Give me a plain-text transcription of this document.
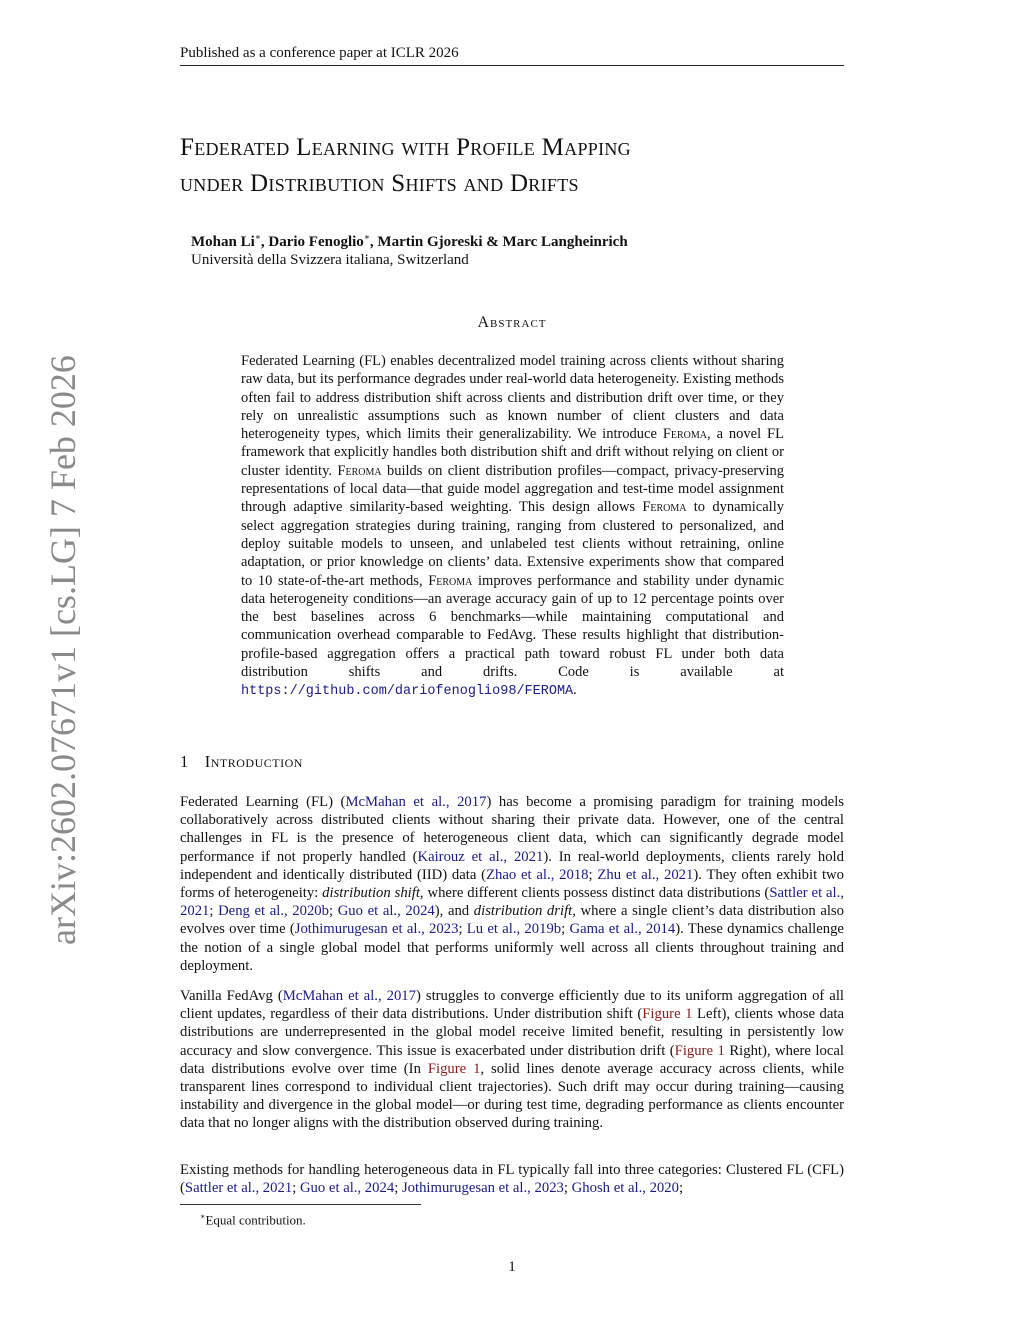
Published as a conference paper at ICLR 2026
arXiv:2602.07671v1 [cs.LG] 7 Feb 2026
Federated Learning with Profile Mapping
under Distribution Shifts and Drifts
Mohan Li∗, Dario Fenoglio∗, Martin Gjoreski & Marc Langheinrich
Università della Svizzera italiana, Switzerland
Abstract

Federated Learning (FL) enables decentralized model training across clients without sharing raw data, but its performance degrades under real-world data heterogeneity. Existing methods often fail to address distribution shift across clients and distribution drift over time, or they rely on unrealistic assumptions such as known number of client clusters and data heterogeneity types, which limits their generalizability. We introduce Feroma, a novel FL framework that explicitly handles both distribution shift and drift without relying on client or cluster identity. Feroma builds on client distribution profiles—compact, privacy-preserving representations of local data—that guide model aggregation and test-time model assignment through adaptive similarity-based weighting. This design allows Feroma to dynamically select aggregation strategies during training, ranging from clustered to personalized, and deploy suitable models to unseen, and unlabeled test clients without retraining, online adaptation, or prior knowledge on clients’ data. Extensive experiments show that compared to 10 state-of-the-art methods, Feroma improves performance and stability under dynamic data heterogeneity conditions—an average accuracy gain of up to 12 percentage points over the best baselines across 6 benchmarks—while maintaining computational and communication overhead comparable to FedAvg. These results highlight that distribution-profile-based aggregation offers a practical path toward robust FL under both data distribution shifts and drifts. Code is available at https://github.com/dariofenoglio98/FEROMA.

1 Introduction

Federated Learning (FL) (McMahan et al., 2017) has become a promising paradigm for training models collaboratively across distributed clients without sharing their private data. However, one of the central challenges in FL is the presence of heterogeneous client data, which can significantly degrade model performance if not properly handled (Kairouz et al., 2021). In real-world deployments, clients rarely hold independent and identically distributed (IID) data (Zhao et al., 2018; Zhu et al., 2021). They often exhibit two forms of heterogeneity: distribution shift, where different clients possess distinct data distributions (Sattler et al., 2021; Deng et al., 2020b; Guo et al., 2024), and distribution drift, where a single client’s data distribution also evolves over time (Jothimurugesan et al., 2023; Lu et al., 2019b; Gama et al., 2014). These dynamics challenge the notion of a single global model that performs uniformly well across all clients throughout training and deployment.

Vanilla FedAvg (McMahan et al., 2017) struggles to converge efficiently due to its uniform aggregation of all client updates, regardless of their data distributions. Under distribution shift (Figure 1 Left), clients whose data distributions are underrepresented in the global model receive limited benefit, resulting in persistently low accuracy and slow convergence. This issue is exacerbated under distribution drift (Figure 1 Right), where local data distributions evolve over time (In Figure 1, solid lines denote average accuracy across clients, while transparent lines correspond to individual client trajectories). Such drift may occur during training—causing instability and divergence in the global model—or during test time, degrading performance as clients encounter data that no longer aligns with the distribution observed during training.

Existing methods for handling heterogeneous data in FL typically fall into three categories: Clustered FL (CFL) (Sattler et al., 2021; Guo et al., 2024; Jothimurugesan et al., 2023; Ghosh et al., 2020;

∗Equal contribution.
1
